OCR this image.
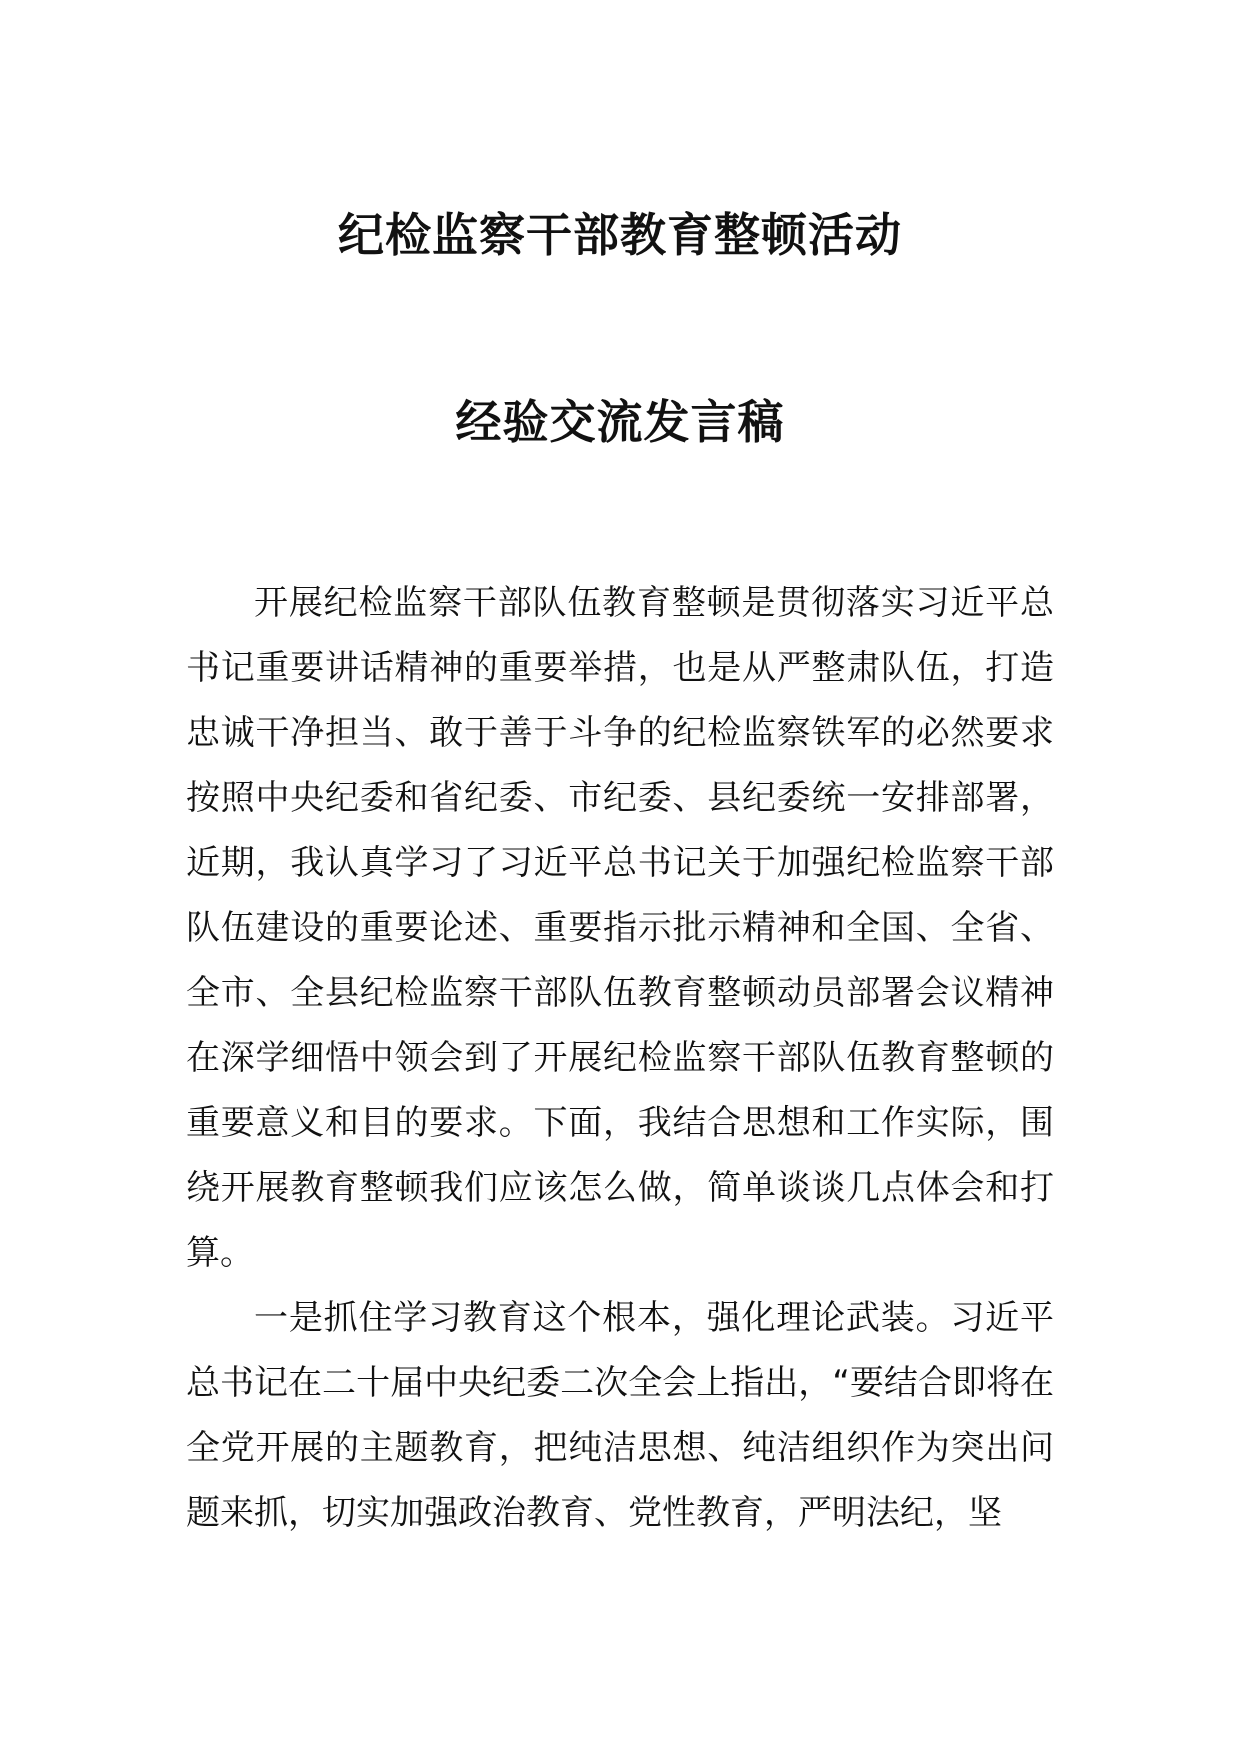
纪检监察干部教育整顿活动
经验交流发言稿

开展纪检监察干部队伍教育整顿是贯彻落实习近平总书记重要讲话精神的重要举措，也是从严整肃队伍，打造忠诚干净担当、敢于善于斗争的纪检监察铁军的必然要求按照中央纪委和省纪委、市纪委、县纪委统一安排部署，近期，我认真学习了习近平总书记关于加强纪检监察干部队伍建设的重要论述、重要指示批示精神和全国、全省、全市、全县纪检监察干部队伍教育整顿动员部署会议精神在深学细悟中领会到了开展纪检监察干部队伍教育整顿的重要意义和目的要求。下面，我结合思想和工作实际，围绕开展教育整顿我们应该怎么做，简单谈谈几点体会和打算。

一是抓住学习教育这个根本，强化理论武装。习近平总书记在二十届中央纪委二次全会上指出，“要结合即将在全党开展的主题教育，把纯洁思想、纯洁组织作为突出问题来抓，切实加强政治教育、党性教育，严明法纪，坚
